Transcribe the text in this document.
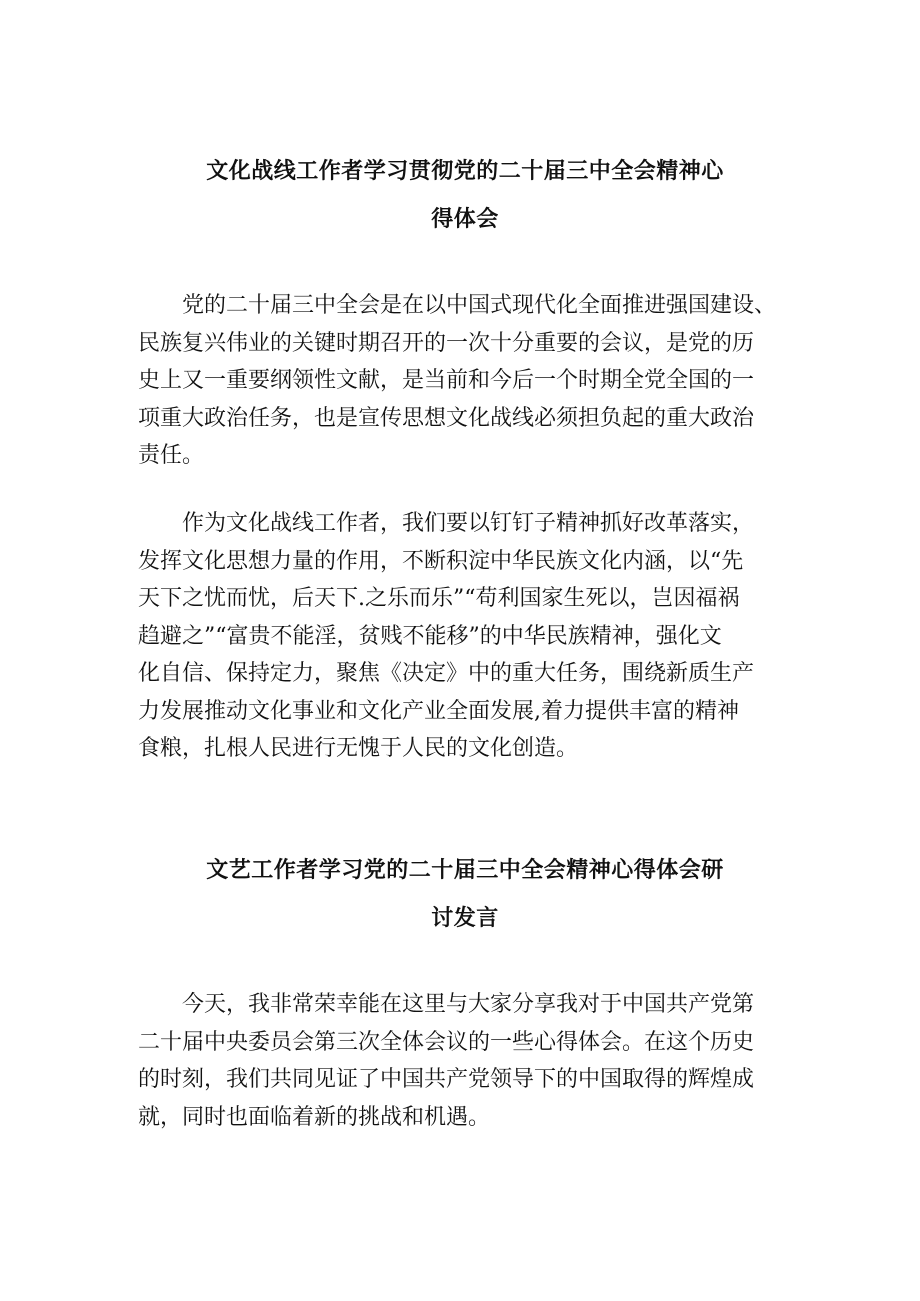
文化战线工作者学习贯彻党的二十届三中全会精神心
得体会

党的二十届三中全会是在以中国式现代化全面推进强国建设、
民族复兴伟业的关键时期召开的一次十分重要的会议，是党的历
史上又一重要纲领性文献，是当前和今后一个时期全党全国的一
项重大政治任务，也是宣传思想文化战线必须担负起的重大政治
责任。

作为文化战线工作者，我们要以钉钉子精神抓好改革落实，
发挥文化思想力量的作用，不断积淀中华民族文化内涵，以“先
天下之忧而忧，后天下.之乐而乐”“苟利国家生死以，岂因福祸
趋避之”“富贵不能淫，贫贱不能移”的中华民族精神，强化文
化自信、保持定力，聚焦《决定》中的重大任务，围绕新质生产
力发展推动文化事业和文化产业全面发展,着力提供丰富的精神
食粮，扎根人民进行无愧于人民的文化创造。

文艺工作者学习党的二十届三中全会精神心得体会研
讨发言

今天，我非常荣幸能在这里与大家分享我对于中国共产党第
二十届中央委员会第三次全体会议的一些心得体会。在这个历史
的时刻，我们共同见证了中国共产党领导下的中国取得的辉煌成
就，同时也面临着新的挑战和机遇。
